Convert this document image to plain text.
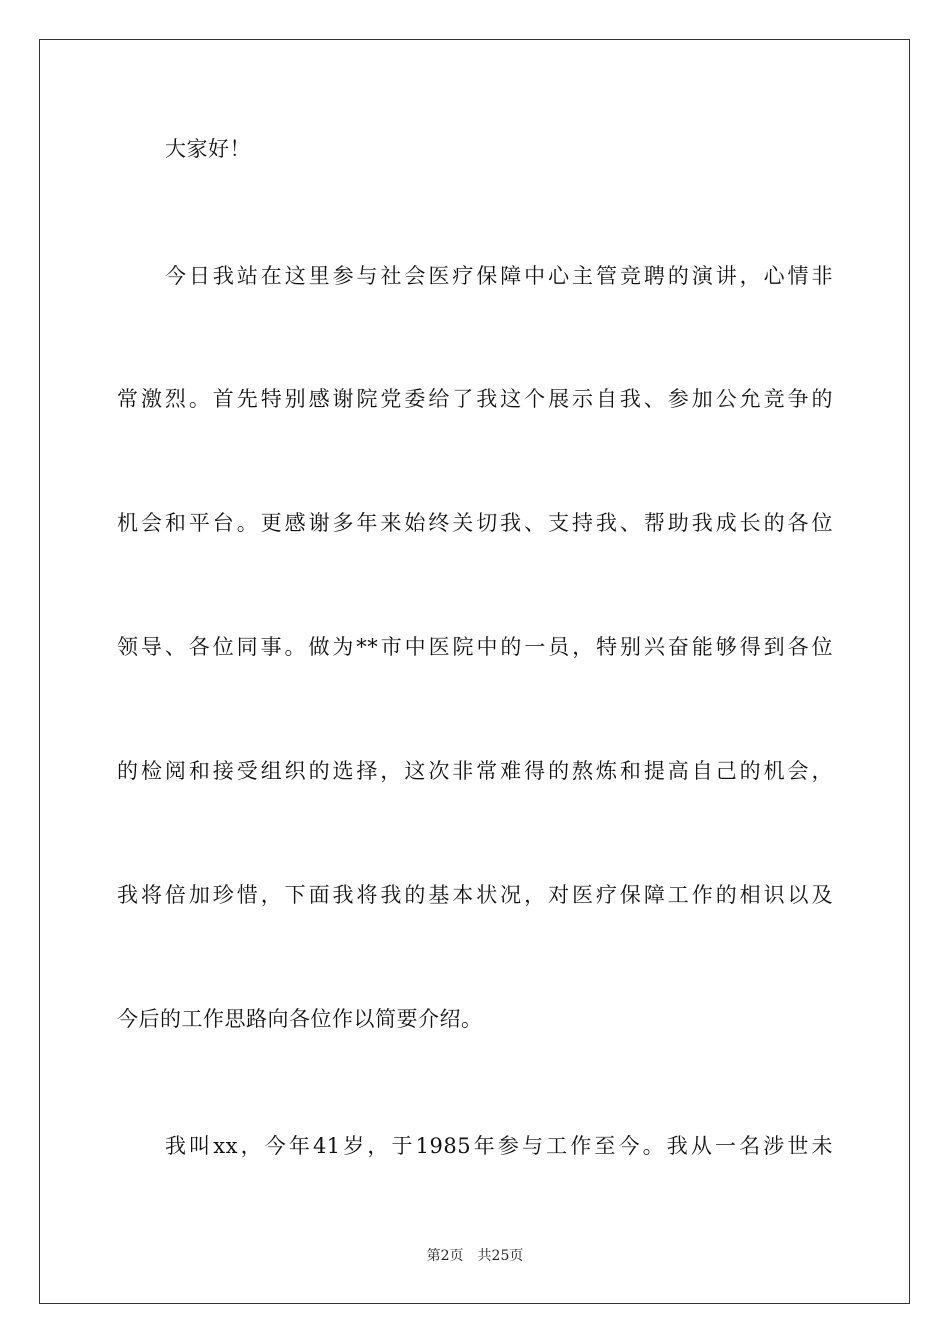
大家好！
今日我站在这里参与社会医疗保障中心主管竞聘的演讲，心情非
常激烈。首先特别感谢院党委给了我这个展示自我、参加公允竞争的
机会和平台。更感谢多年来始终关切我、支持我、帮助我成长的各位
领导、各位同事。做为**市中医院中的一员，特别兴奋能够得到各位
的检阅和接受组织的选择，这次非常难得的熬炼和提高自己的机会，
我将倍加珍惜，下面我将我的基本状况，对医疗保障工作的相识以及
今后的工作思路向各位作以简要介绍。
我叫xx，今年41岁，于1985年参与工作至今。我从一名涉世未
第2页 共25页
